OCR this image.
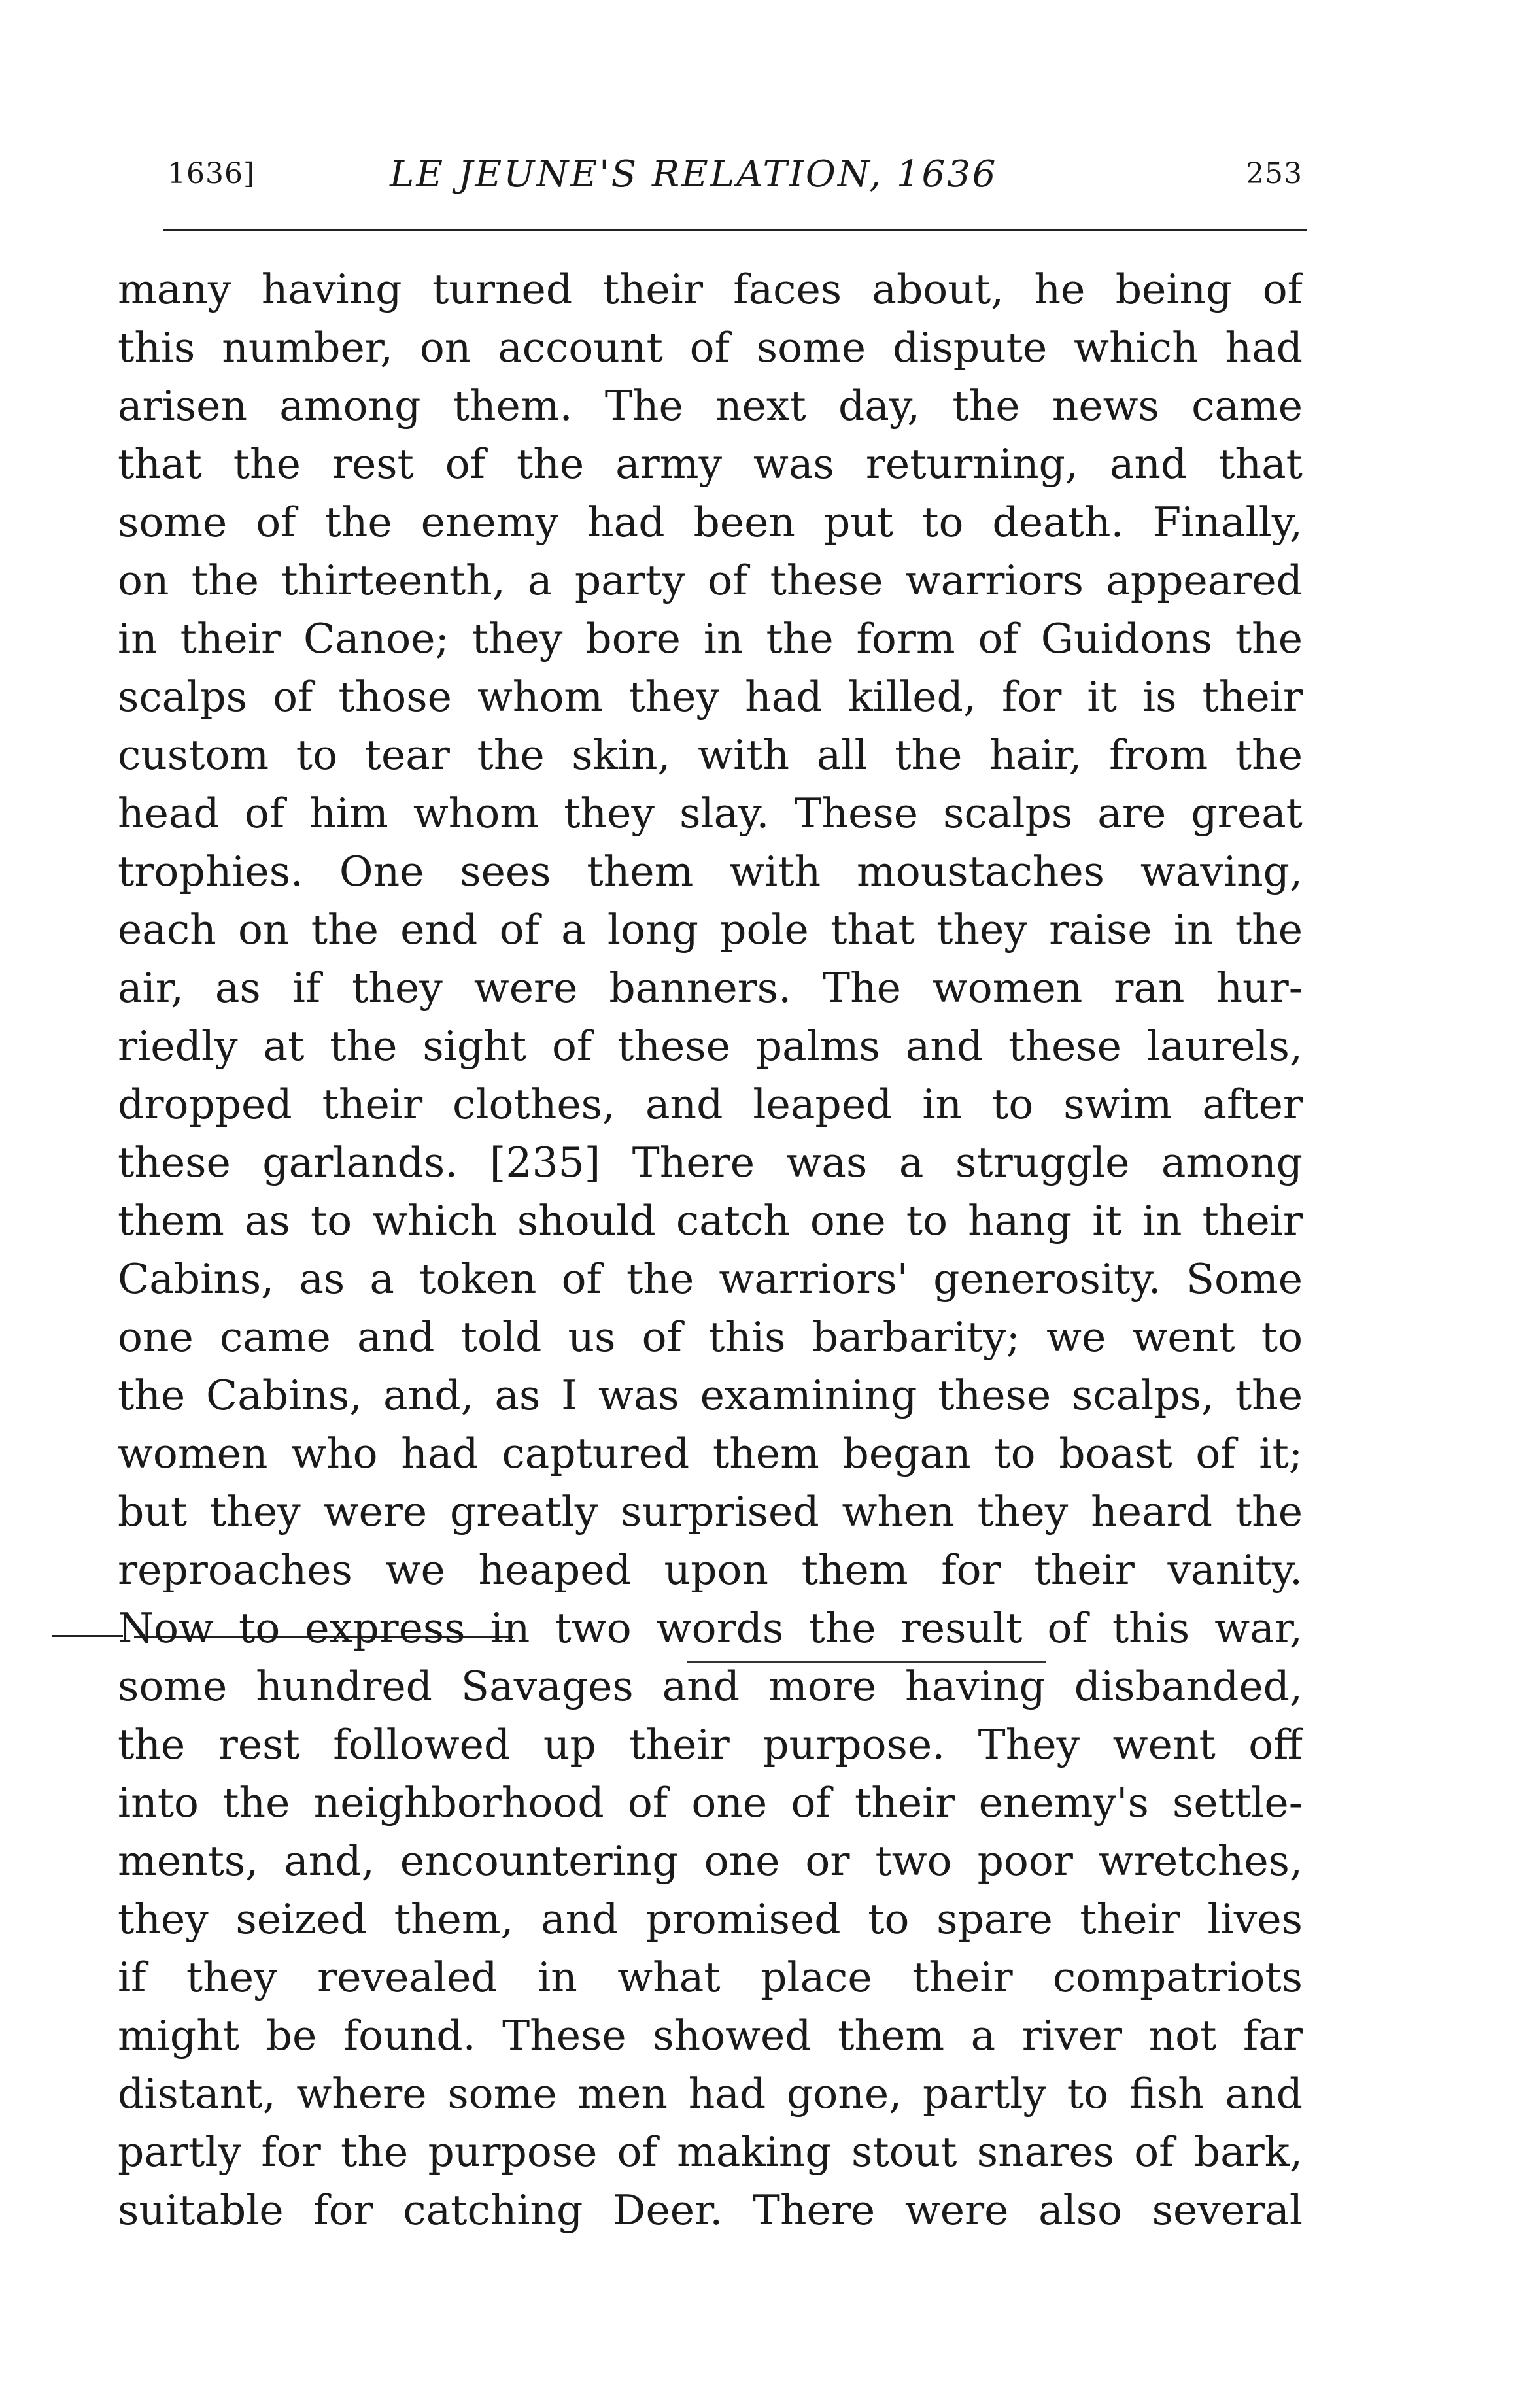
1636]	LE JEUNE'S RELATION, 1636	253
many having turned their faces about, he being of
this number, on account of some dispute which had
arisen among them. The next day, the news came
that the rest of the army was returning, and that
some of the enemy had been put to death. Finally,
on the thirteenth, a party of these warriors appeared
in their Canoe; they bore in the form of Guidons the
scalps of those whom they had killed, for it is their
custom to tear the skin, with all the hair, from the
head of him whom they slay. These scalps are great
trophies. One sees them with moustaches waving,
each on the end of a long pole that they raise in the
air, as if they were banners. The women ran hur-
riedly at the sight of these palms and these laurels,
dropped their clothes, and leaped in to swim after
these garlands. [235] There was a struggle among
them as to which should catch one to hang it in their
Cabins, as a token of the warriors' generosity. Some
one came and told us of this barbarity; we went to
the Cabins, and, as I was examining these scalps, the
women who had captured them began to boast of it;
but they were greatly surprised when they heard the
reproaches we heaped upon them for their vanity.
Now to express in two words the result of this war,
some hundred Savages and more having disbanded,
the rest followed up their purpose. They went off
into the neighborhood of one of their enemy's settle-
ments, and, encountering one or two poor wretches,
they seized them, and promised to spare their lives
if they revealed in what place their compatriots
might be found. These showed them a river not far
distant, where some men had gone, partly to fish and
partly for the purpose of making stout snares of bark,
suitable for catching Deer. There were also several
